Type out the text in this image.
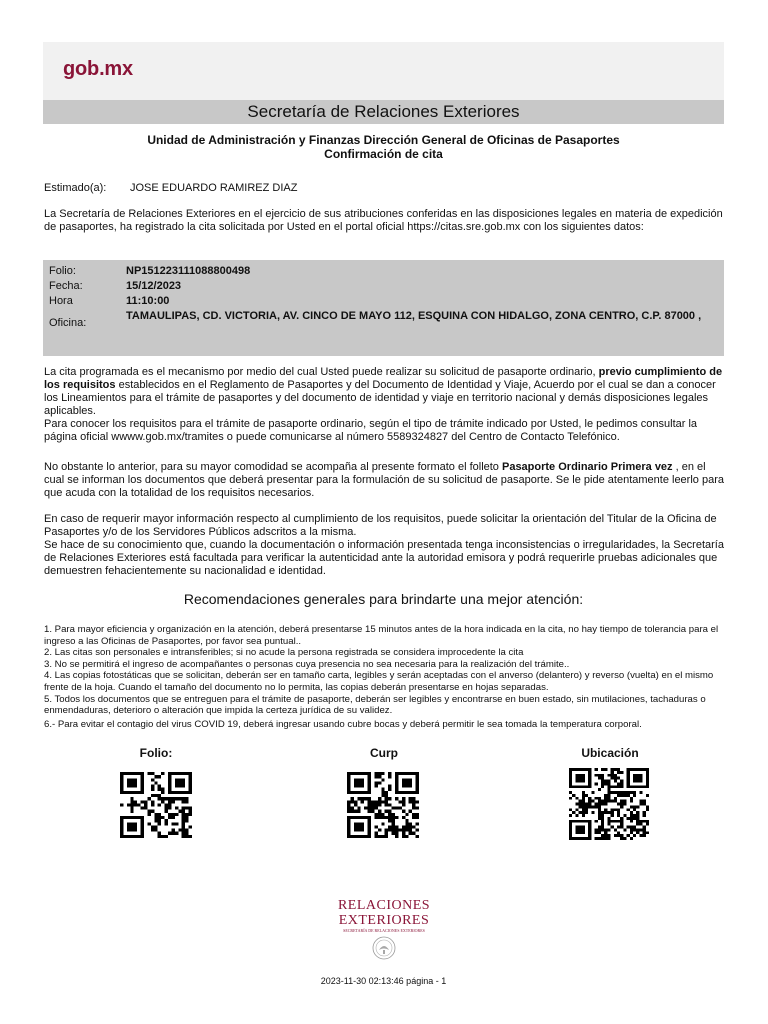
gob.mx
Secretaría de Relaciones Exteriores
Unidad de Administración y Finanzas Dirección General de Oficinas de Pasaportes
Confirmación de cita
Estimado(a): JOSE EDUARDO RAMIREZ DIAZ
La Secretaría de Relaciones Exteriores en el ejercicio de sus atribuciones conferidas en las disposiciones legales en materia de expedición de pasaportes, ha registrado la cita solicitada por Usted en el portal oficial https://citas.sre.gob.mx con los siguientes datos:
Folio:	NP151223111088800498
Fecha:	15/12/2023
Hora	11:10:00
Oficina:
TAMAULIPAS, CD. VICTORIA, AV. CINCO DE MAYO 112, ESQUINA CON HIDALGO, ZONA CENTRO, C.P. 87000 ,
La cita programada es el mecanismo por medio del cual Usted puede realizar su solicitud de pasaporte ordinario, previo cumplimiento de los requisitos establecidos en el Reglamento de Pasaportes y del Documento de Identidad y Viaje, Acuerdo por el cual se dan a conocer los Lineamientos para el trámite de pasaportes y del documento de identidad y viaje en territorio nacional y demás disposiciones legales aplicables.
Para conocer los requisitos para el trámite de pasaporte ordinario, según el tipo de trámite indicado por Usted, le pedimos consultar la página oficial wwww.gob.mx/tramites o puede comunicarse al número 5589324827 del Centro de Contacto Telefónico.
No obstante lo anterior, para su mayor comodidad se acompaña al presente formato el folleto Pasaporte Ordinario Primera vez , en el cual se informan los documentos que deberá presentar para la formulación de su solicitud de pasaporte. Se le pide atentamente leerlo para que acuda con la totalidad de los requisitos necesarios.
En caso de requerir mayor información respecto al cumplimiento de los requisitos, puede solicitar la orientación del Titular de la Oficina de Pasaportes y/o de los Servidores Públicos adscritos a la misma.
Se hace de su conocimiento que, cuando la documentación o información presentada tenga inconsistencias o irregularidades, la Secretaría de Relaciones Exteriores está facultada para verificar la autenticidad ante la autoridad emisora y podrá requerirle pruebas adicionales que demuestren fehacientemente su nacionalidad e identidad.
Recomendaciones generales para brindarte una mejor atención:
1. Para mayor eficiencia y organización en la atención, deberá presentarse 15 minutos antes de la hora indicada en la cita, no hay tiempo de tolerancia para el ingreso a las Oficinas de Pasaportes, por favor sea puntual..
2. Las citas son personales e intransferibles; si no acude la persona registrada se considera improcedente la cita
3. No se permitirá el ingreso de acompañantes o personas cuya presencia no sea necesaria para la realización del trámite..
4. Las copias fotostáticas que se solicitan, deberán ser en tamaño carta, legibles y serán aceptadas con el anverso (delantero) y reverso (vuelta) en el mismo frente de la hoja. Cuando el tamaño del documento no lo permita, las copias deberán presentarse en hojas separadas.
5. Todos los documentos que se entreguen para el trámite de pasaporte, deberán ser legibles y encontrarse en buen estado, sin mutilaciones, tachaduras o enmendaduras, deterioro o alteración que impida la certeza jurídica de su validez.
6.- Para evitar el contagio del virus COVID 19, deberá ingresar usando cubre bocas y deberá permitir le sea tomada la temperatura corporal.
Folio:	Curp	Ubicación
RELACIONES
EXTERIORES
SECRETARÍA DE RELACIONES EXTERIORES
2023-11-30 02:13:46 página - 1
